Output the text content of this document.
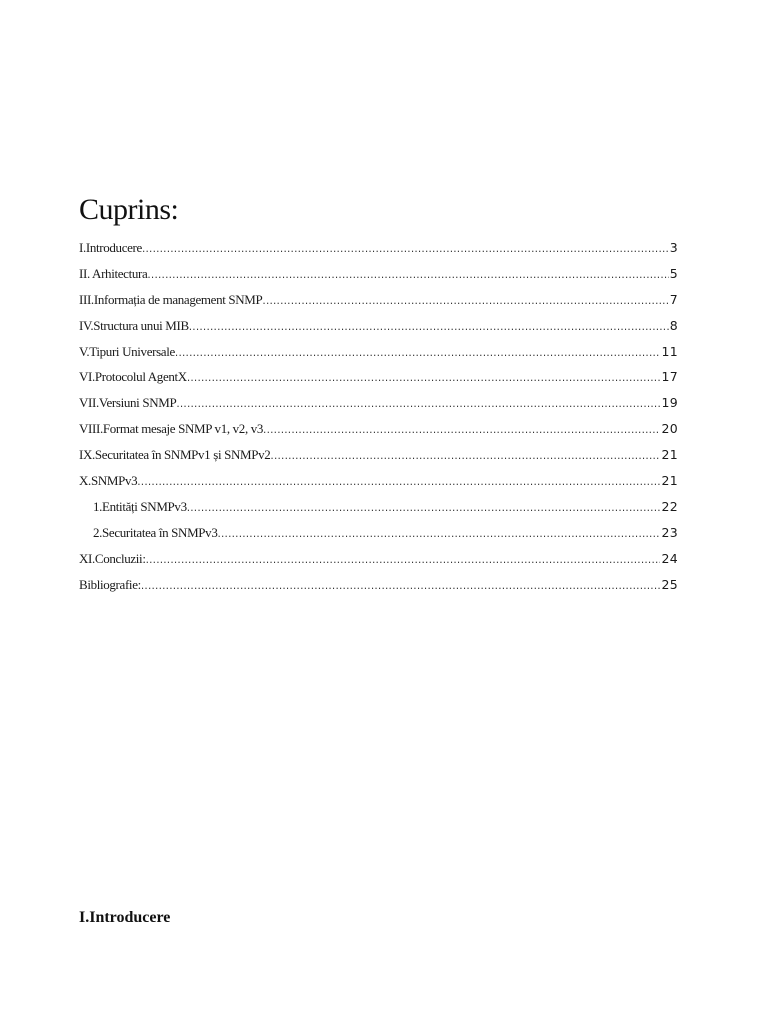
Cuprins:
I.Introducere .....	3
II. Arhitectura .....	5
III.Informația de management SNMP .....	7
IV.Structura unui MIB .....	8
V.Tipuri Universale .....	11
VI.Protocolul AgentX .....	17
VII.Versiuni SNMP .....	19
VIII.Format mesaje SNMP v1, v2, v3 .....	20
IX.Securitatea în SNMPv1 și SNMPv2 .....	21
X.SNMPv3 .....	21
1.Entități SNMPv3 .....	22
2.Securitatea în SNMPv3 .....	23
XI.Concluzii: .....	24
Bibliografie: .....	25
I.Introducere
